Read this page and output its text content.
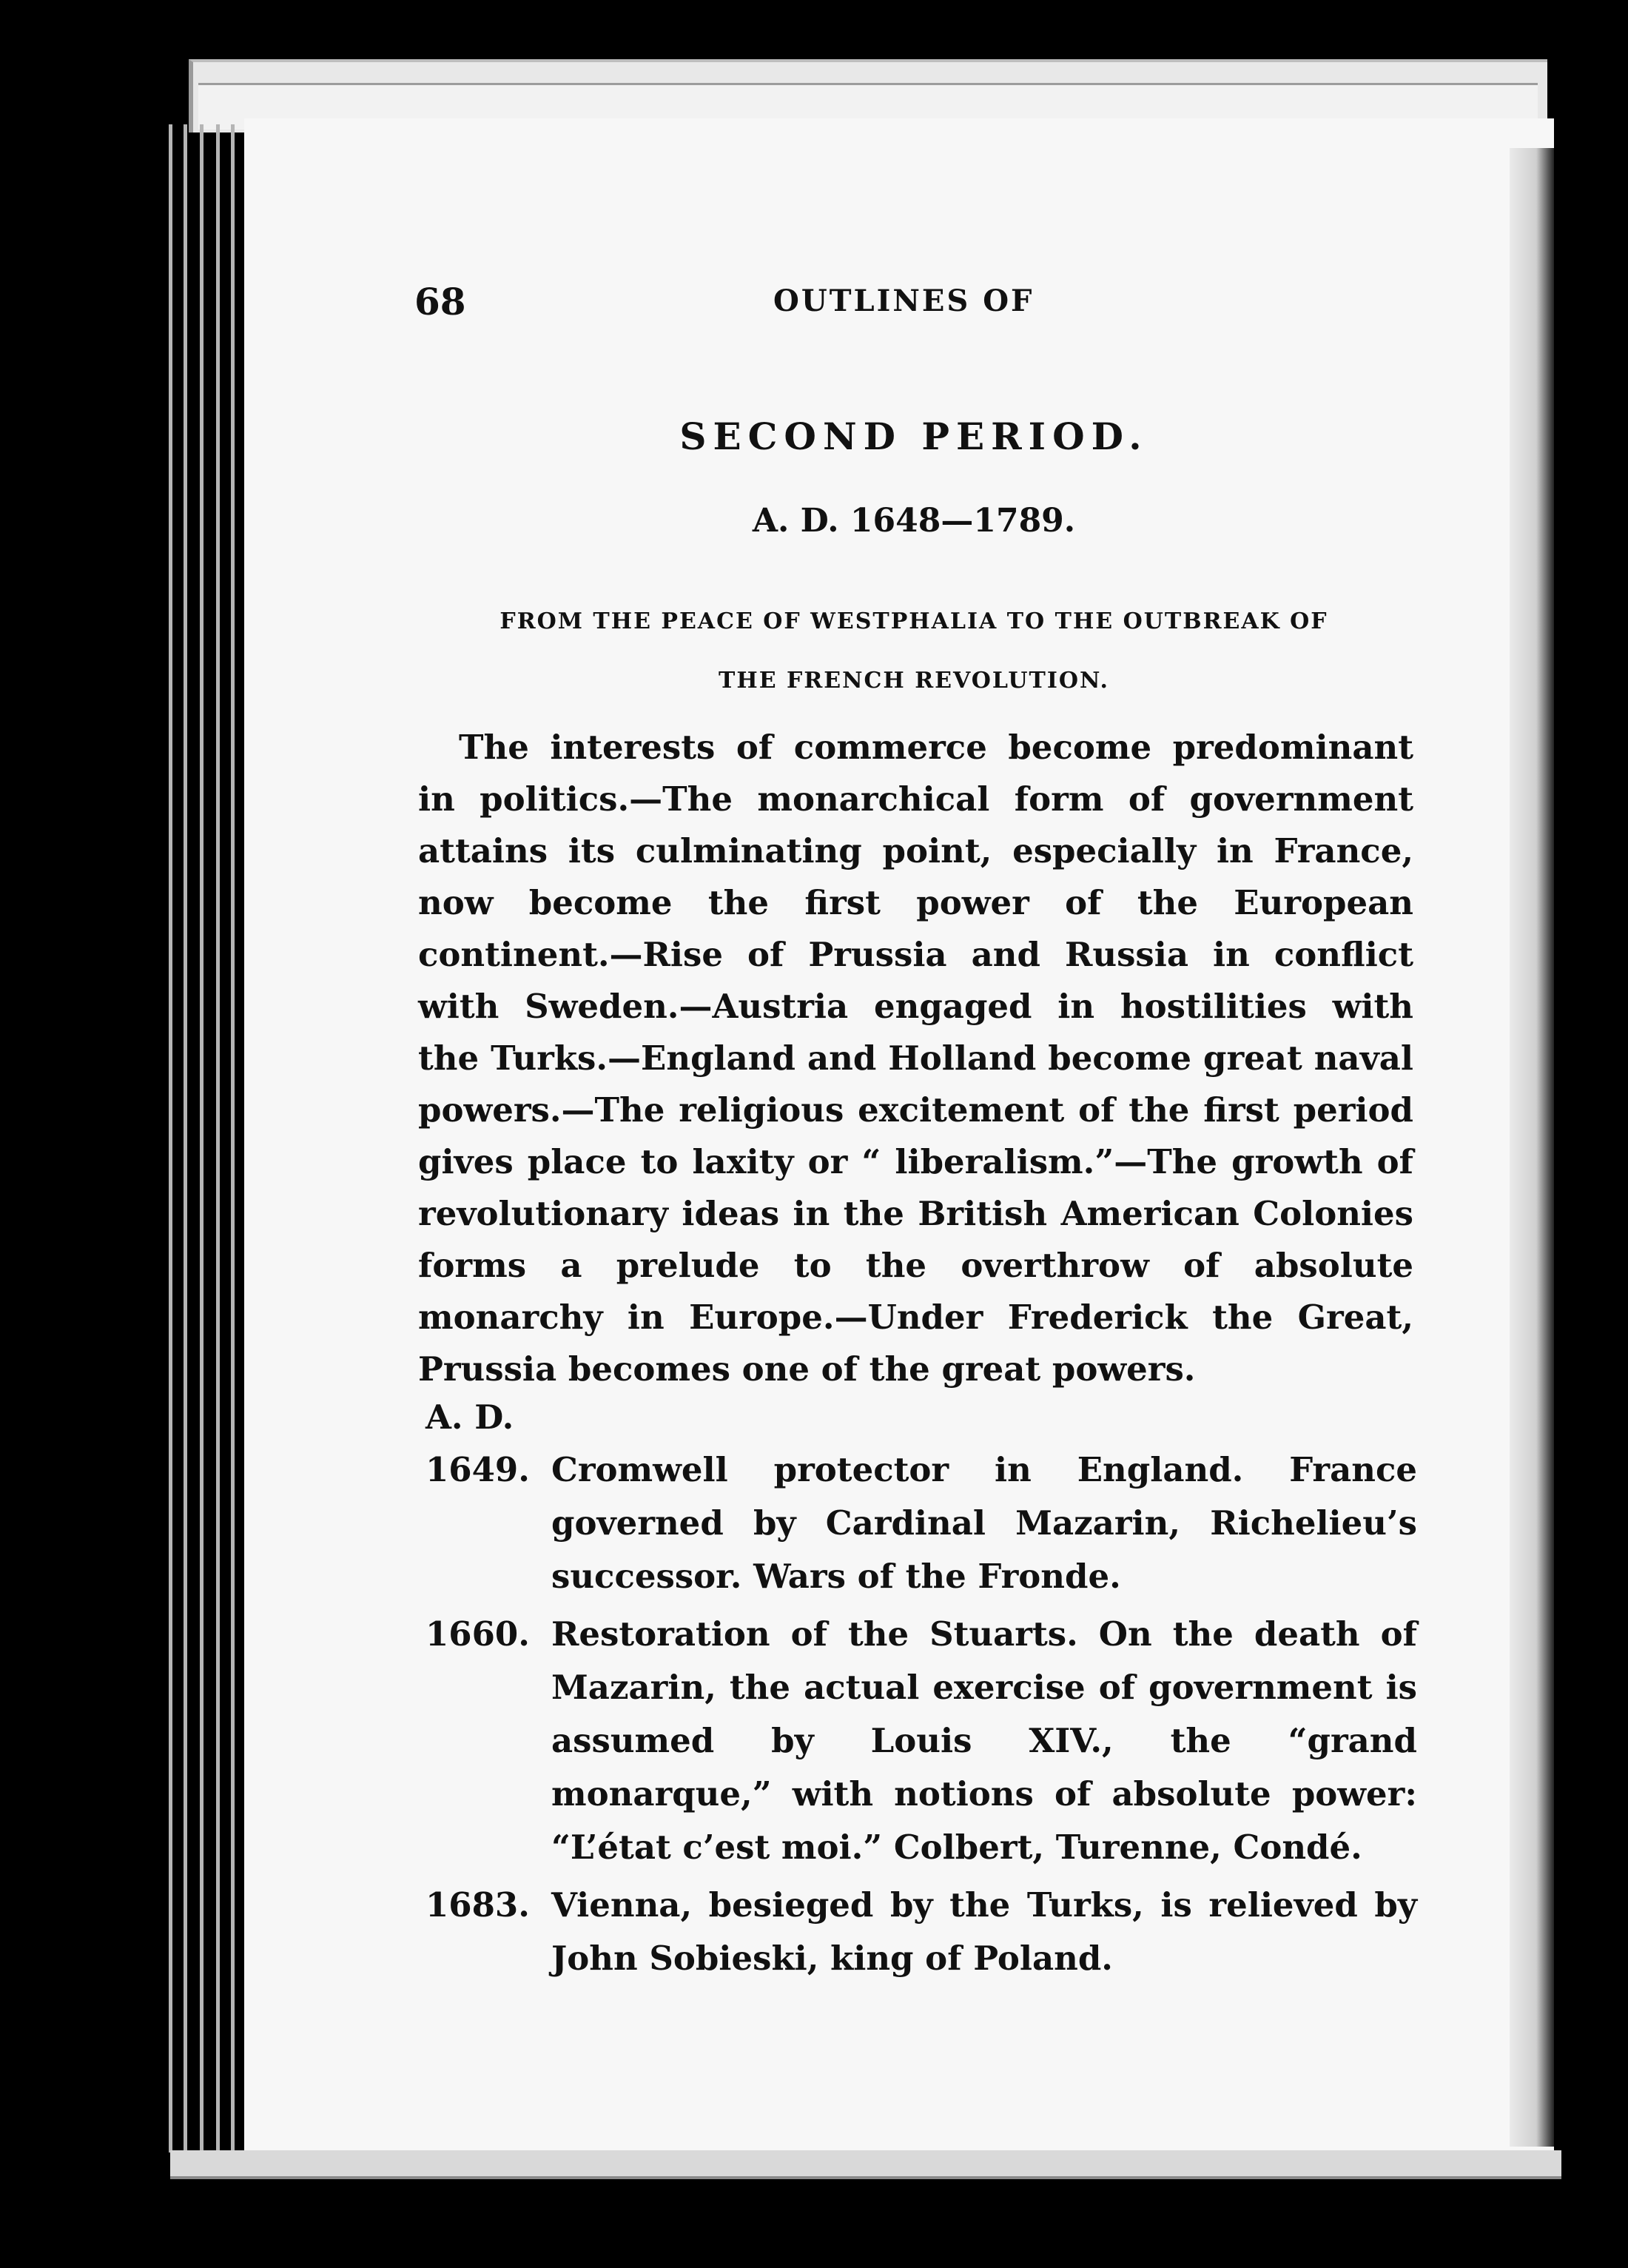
68	OUTLINES OF
SECOND PERIOD.
A. D. 1648—1789.
FROM THE PEACE OF WESTPHALIA TO THE OUTBREAK OF
THE FRENCH REVOLUTION.

The interests of commerce become predominant in politics.—The monarchical form of government attains its culminating point, especially in France, now become the first power of the European continent.—Rise of Prussia and Russia in conflict with Sweden.—Austria engaged in hostilities with the Turks.—England and Holland become great naval powers.—The religious excitement of the first period gives place to laxity or “ liberalism.”—The growth of revolutionary ideas in the British American Colonies forms a prelude to the overthrow of absolute monarchy in Europe.—Under Frederick the Great, Prussia becomes one of the great powers.

A. D.
1649. Cromwell protector in England. France governed by Cardinal Mazarin, Richelieu’s successor. Wars of the Fronde.
1660. Restoration of the Stuarts. On the death of Mazarin, the actual exercise of government is assumed by Louis XIV., the “grand monarque,” with notions of absolute power: “L’état c’est moi.” Colbert, Turenne, Condé.
1683. Vienna, besieged by the Turks, is relieved by John Sobieski, king of Poland.
